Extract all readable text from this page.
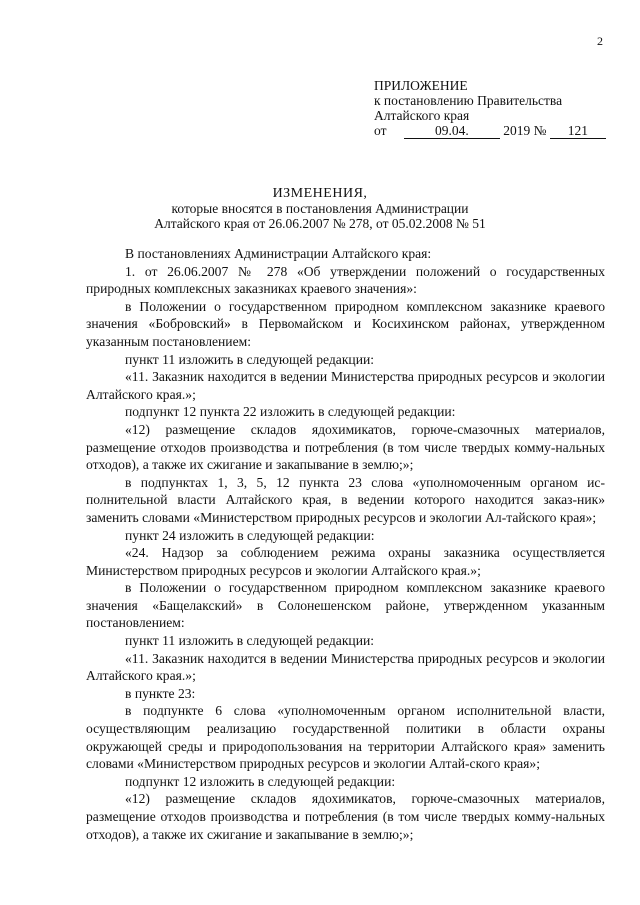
2
ПРИЛОЖЕНИЕ
к постановлению Правительства
Алтайского края
от	09.04.	2019 № 121
ИЗМЕНЕНИЯ,
которые вносятся в постановления Администрации
Алтайского края от 26.06.2007 № 278, от 05.02.2008 № 51

В постановлениях Администрации Алтайского края:

1. от 26.06.2007 № 278 «Об утверждении положений о государственных природных комплексных заказниках краевого значения»:

в Положении о государственном природном комплексном заказнике краевого значения «Бобровский» в Первомайском и Косихинском районах, утвержденном указанным постановлением:

пункт 11 изложить в следующей редакции:

«11. Заказник находится в ведении Министерства природных ресурсов и экологии Алтайского края.»;

подпункт 12 пункта 22 изложить в следующей редакции:

«12) размещение складов ядохимикатов, горюче-смазочных материалов, размещение отходов производства и потребления (в том числе твердых комму-нальных отходов), а также их сжигание и закапывание в землю;»;

в подпунктах 1, 3, 5, 12 пункта 23 слова «уполномоченным органом ис-полнительной власти Алтайского края, в ведении которого находится заказ-ник» заменить словами «Министерством природных ресурсов и экологии Ал-тайского края»;

пункт 24 изложить в следующей редакции:

«24. Надзор за соблюдением режима охраны заказника осуществляется Министерством природных ресурсов и экологии Алтайского края.»;

в Положении о государственном природном комплексном заказнике краевого значения «Бащелакский» в Солонешенском районе, утвержденном указанным постановлением:

пункт 11 изложить в следующей редакции:

«11. Заказник находится в ведении Министерства природных ресурсов и экологии Алтайского края.»;

в пункте 23:

в подпункте 6 слова «уполномоченным органом исполнительной власти, осуществляющим реализацию государственной политики в области охраны окружающей среды и природопользования на территории Алтайского края» заменить словами «Министерством природных ресурсов и экологии Алтай-ского края»;

подпункт 12 изложить в следующей редакции:

«12) размещение складов ядохимикатов, горюче-смазочных материалов, размещение отходов производства и потребления (в том числе твердых комму-нальных отходов), а также их сжигание и закапывание в землю;»;
